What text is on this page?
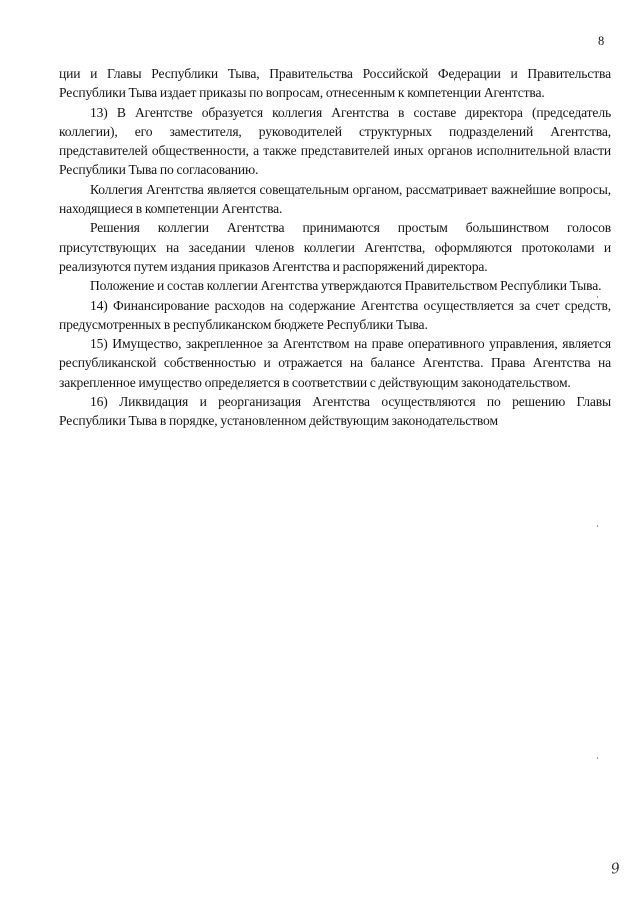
8

ции и Главы Республики Тыва, Правительства Российской Федерации и Правительства Республики Тыва издает приказы по вопросам, отнесенным к компетенции Агентства.

13) В Агентстве образуется коллегия Агентства в составе директора (председатель коллегии), его заместителя, руководителей структурных подразделений Агентства, представителей общественности, а также представителей иных органов исполнительной власти Республики Тыва по согласованию.

Коллегия Агентства является совещательным органом, рассматривает важнейшие вопросы, находящиеся в компетенции Агентства.

Решения коллегии Агентства принимаются простым большинством голосов присутствующих на заседании членов коллегии Агентства, оформляются протоколами и реализуются путем издания приказов Агентства и распоряжений директора.

Положение и состав коллегии Агентства утверждаются Правительством Республики Тыва.

14) Финансирование расходов на содержание Агентства осуществляется за счет средств, предусмотренных в республиканском бюджете Республики Тыва.

15) Имущество, закрепленное за Агентством на праве оперативного управления, является республиканской собственностью и отражается на балансе Агентства. Права Агентства на закрепленное имущество определяется в соответствии с действующим законодательством.

16) Ликвидация и реорганизация Агентства осуществляются по решению Главы Республики Тыва в порядке, установленном действующим законодательством

9
